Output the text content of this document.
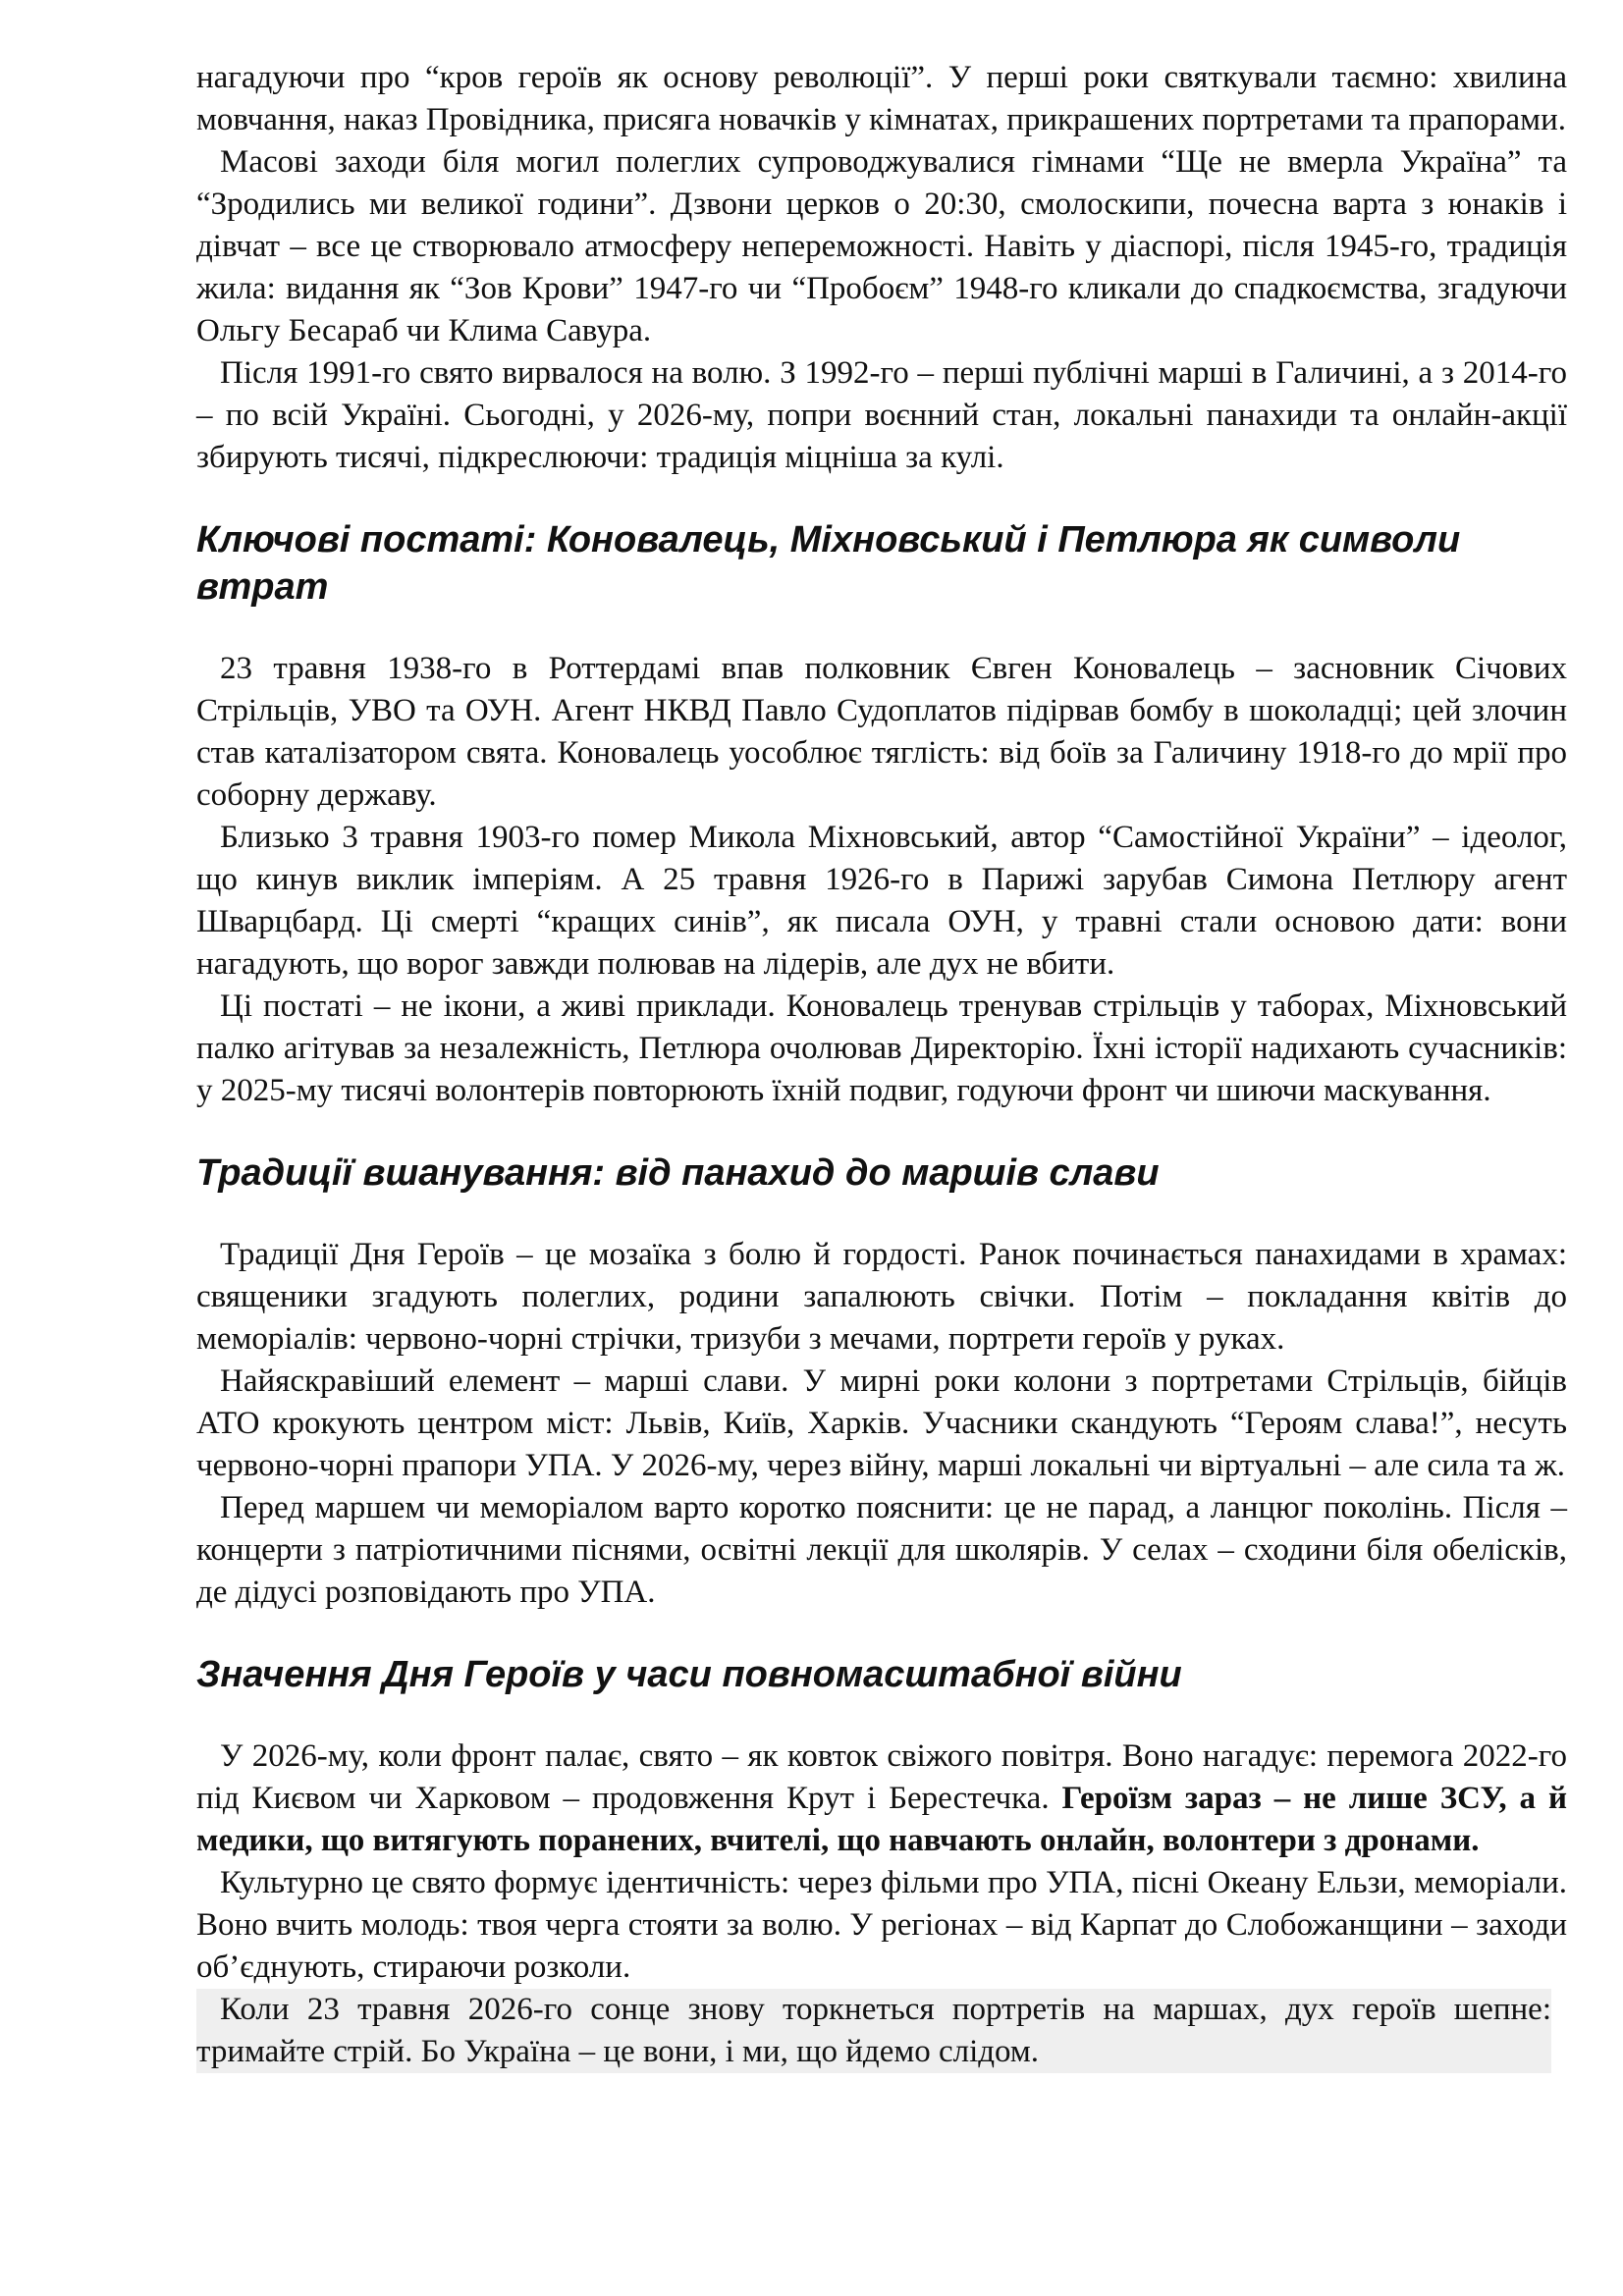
нагадуючи про “кров героїв як основу революції”. У перші роки святкували таємно: хвилина мовчання, наказ Провідника, присяга новачків у кімнатах, прикрашених портретами та прапорами.

Масові заходи біля могил полеглих супроводжувалися гімнами “Ще не вмерла Україна” та “Зродились ми великої години”. Дзвони церков о 20:30, смолоскипи, почесна варта з юнаків і дівчат – все це створювало атмосферу непереможності. Навіть у діаспорі, після 1945-го, традиція жила: видання як “Зов Крови” 1947-го чи “Пробоєм” 1948-го кликали до спадкоємства, згадуючи Ольгу Бесараб чи Клима Савура.

Після 1991-го свято вирвалося на волю. З 1992-го – перші публічні марші в Галичині, а з 2014-го – по всій Україні. Сьогодні, у 2026-му, попри воєнний стан, локальні панахиди та онлайн-акції збирують тисячі, підкреслюючи: традиція міцніша за кулі.

Ключові постаті: Коновалець, Міхновський і Петлюра як символи втрат

23 травня 1938-го в Роттердамі впав полковник Євген Коновалець – засновник Січових Стрільців, УВО та ОУН. Агент НКВД Павло Судоплатов підірвав бомбу в шоколадці; цей злочин став каталізатором свята. Коновалець уособлює тяглість: від боїв за Галичину 1918-го до мрії про соборну державу.

Близько 3 травня 1903-го помер Микола Міхновський, автор “Самостійної України” – ідеолог, що кинув виклик імперіям. А 25 травня 1926-го в Парижі зарубав Симона Петлюру агент Шварцбард. Ці смерті “кращих синів”, як писала ОУН, у травні стали основою дати: вони нагадують, що ворог завжди полював на лідерів, але дух не вбити.

Ці постаті – не ікони, а живі приклади. Коновалець тренував стрільців у таборах, Міхновський палко агітував за незалежність, Петлюра очолював Директорію. Їхні історії надихають сучасників: у 2025-му тисячі волонтерів повторюють їхній подвиг, годуючи фронт чи шиючи маскування.

Традиції вшанування: від панахид до маршів слави

Традиції Дня Героїв – це мозаїка з болю й гордості. Ранок починається панахидами в храмах: священики згадують полеглих, родини запалюють свічки. Потім – покладання квітів до меморіалів: червоно-чорні стрічки, тризуби з мечами, портрети героїв у руках.

Найяскравіший елемент – марші слави. У мирні роки колони з портретами Стрільців, бійців АТО крокують центром міст: Львів, Київ, Харків. Учасники скандують “Героям слава!”, несуть червоно-чорні прапори УПА. У 2026-му, через війну, марші локальні чи віртуальні – але сила та ж.

Перед маршем чи меморіалом варто коротко пояснити: це не парад, а ланцюг поколінь. Після – концерти з патріотичними піснями, освітні лекції для школярів. У селах – сходини біля обелісків, де дідусі розповідають про УПА.

Значення Дня Героїв у часи повномасштабної війни

У 2026-му, коли фронт палає, свято – як ковток свіжого повітря. Воно нагадує: перемога 2022-го під Києвом чи Харковом – продовження Крут і Берестечка. Героїзм зараз – не лише ЗСУ, а й медики, що витягують поранених, вчителі, що навчають онлайн, волонтери з дронами.

Культурно це свято формує ідентичність: через фільми про УПА, пісні Океану Ельзи, меморіали. Воно вчить молодь: твоя черга стояти за волю. У регіонах – від Карпат до Слобожанщини – заходи об’єднують, стираючи розколи.

Коли 23 травня 2026-го сонце знову торкнеться портретів на маршах, дух героїв шепне: тримайте стрій. Бо Україна – це вони, і ми, що йдемо слідом.
